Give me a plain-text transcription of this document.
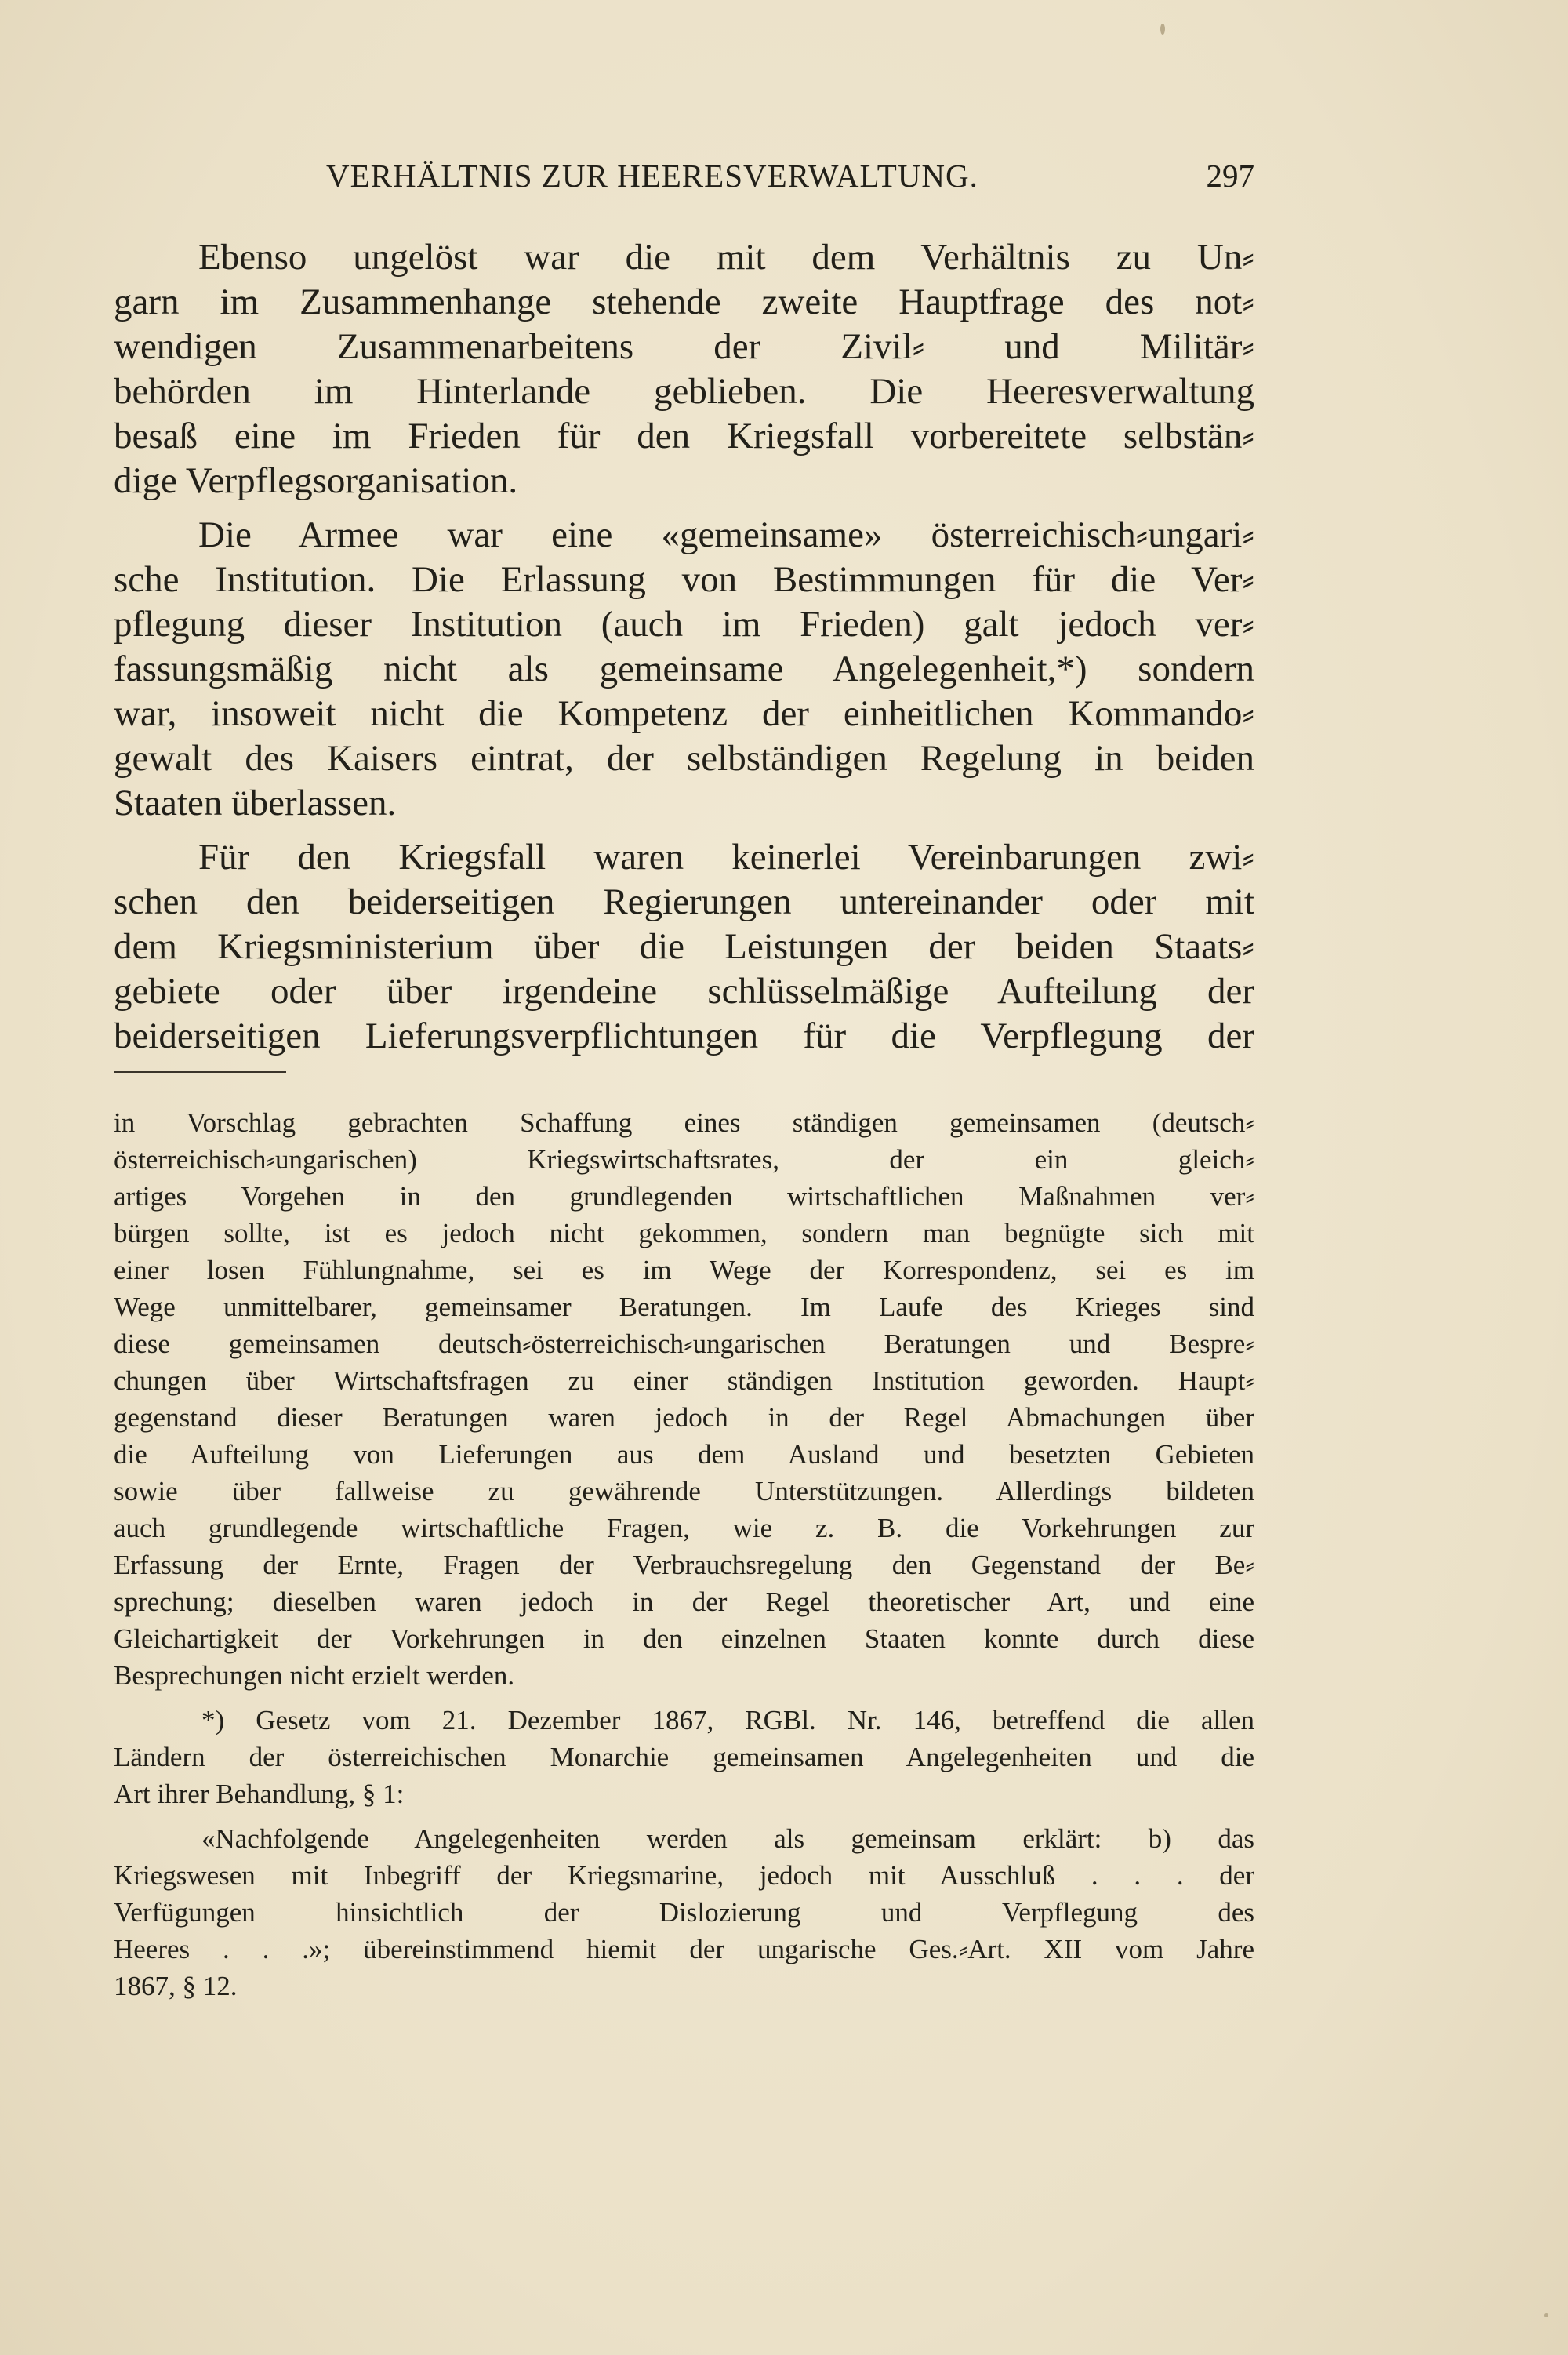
VERHÄLTNIS ZUR HEERESVERWALTUNG.	297
Ebenso ungelöst war die mit dem Verhältnis zu Un⸗
garn im Zusammenhange stehende zweite Hauptfrage des not⸗
wendigen Zusammenarbeitens der Zivil⸗ und Militär⸗
behörden im Hinterlande geblieben. Die Heeresverwaltung
besaß eine im Frieden für den Kriegsfall vorbereitete selbstän⸗
dige Verpflegsorganisation.
Die Armee war eine «gemeinsame» österreichisch⸗ungari⸗
sche Institution. Die Erlassung von Bestimmungen für die Ver⸗
pflegung dieser Institution (auch im Frieden) galt jedoch ver⸗
fassungsmäßig nicht als gemeinsame Angelegenheit,*) sondern
war, insoweit nicht die Kompetenz der einheitlichen Kommando⸗
gewalt des Kaisers eintrat, der selbständigen Regelung in beiden
Staaten überlassen.
Für den Kriegsfall waren keinerlei Vereinbarungen zwi⸗
schen den beiderseitigen Regierungen untereinander oder mit
dem Kriegsministerium über die Leistungen der beiden Staats⸗
gebiete oder über irgendeine schlüsselmäßige Aufteilung der
beiderseitigen Lieferungsverpflichtungen für die Verpflegung der
in Vorschlag gebrachten Schaffung eines ständigen gemeinsamen (deutsch⸗
österreichisch⸗ungarischen) Kriegswirtschaftsrates, der ein gleich⸗
artiges Vorgehen in den grundlegenden wirtschaftlichen Maßnahmen ver⸗
bürgen sollte, ist es jedoch nicht gekommen, sondern man begnügte sich mit
einer losen Fühlungnahme, sei es im Wege der Korrespondenz, sei es im
Wege unmittelbarer, gemeinsamer Beratungen. Im Laufe des Krieges sind
diese gemeinsamen deutsch⸗österreichisch⸗ungarischen Beratungen und Bespre⸗
chungen über Wirtschaftsfragen zu einer ständigen Institution geworden. Haupt⸗
gegenstand dieser Beratungen waren jedoch in der Regel Abmachungen über
die Aufteilung von Lieferungen aus dem Ausland und besetzten Gebieten
sowie über fallweise zu gewährende Unterstützungen. Allerdings bildeten
auch grundlegende wirtschaftliche Fragen, wie z. B. die Vorkehrungen zur
Erfassung der Ernte, Fragen der Verbrauchsregelung den Gegenstand der Be⸗
sprechung; dieselben waren jedoch in der Regel theoretischer Art, und eine
Gleichartigkeit der Vorkehrungen in den einzelnen Staaten konnte durch diese
Besprechungen nicht erzielt werden.
*) Gesetz vom 21. Dezember 1867, RGBl. Nr. 146, betreffend die allen
Ländern der österreichischen Monarchie gemeinsamen Angelegenheiten und die
Art ihrer Behandlung, § 1:
«Nachfolgende Angelegenheiten werden als gemeinsam erklärt: b) das
Kriegswesen mit Inbegriff der Kriegsmarine, jedoch mit Ausschluß . . . der
Verfügungen hinsichtlich der Dislozierung und Verpflegung des
Heeres . . .»; übereinstimmend hiemit der ungarische Ges.⸗Art. XII vom Jahre
1867, § 12.
